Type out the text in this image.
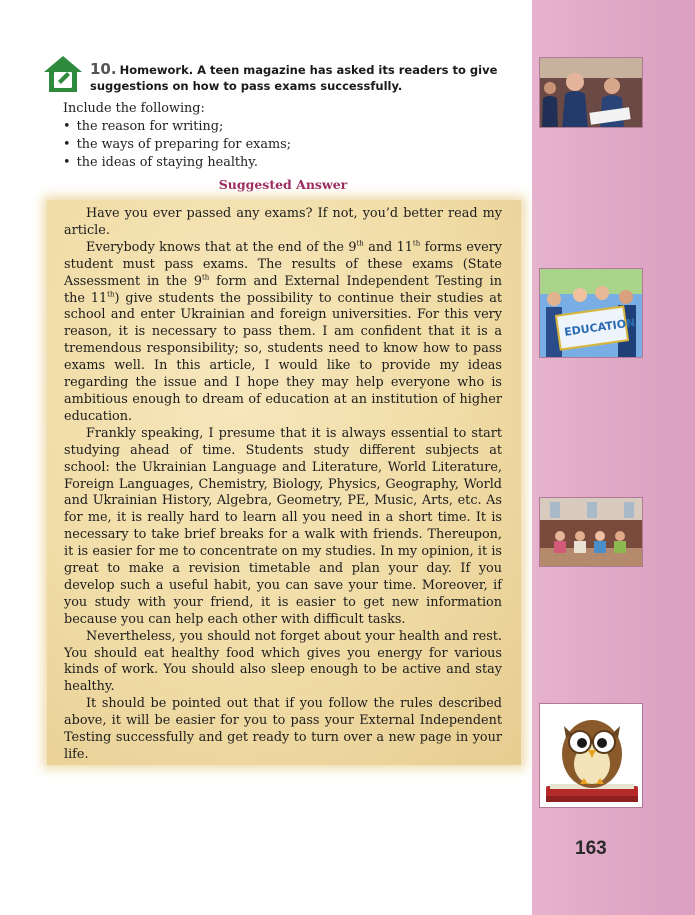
EDUCATION
163
10. Homework. A teen magazine has asked its readers to give suggestions on how to pass exams successfully.
Include the following:
• the reason for writing;
• the ways of preparing for exams;
• the ideas of staying healthy.
Suggested Answer

Have you ever passed any exams? If not, you’d better read my article.

Everybody knows that at the end of the 9th and 11th forms every student must pass exams. The results of these exams (State Assessment in the 9th form and External Independent Testing in the 11th) give students the possibility to continue their studies at school and enter Ukrainian and foreign universities. For this very reason, it is necessary to pass them. I am confident that it is a tremendous responsibility; so, students need to know how to pass exams well. In this article, I would like to provide my ideas regarding the issue and I hope they may help everyone who is ambitious enough to dream of education at an institution of higher education.

Frankly speaking, I presume that it is always essential to start studying ahead of time. Students study different subjects at school: the Ukrainian Language and Literature, World Literature, Foreign Languages, Chemistry, Biology, Physics, Geography, World and Ukrainian History, Algebra, Geometry, PE, Music, Arts, etc. As for me, it is really hard to learn all you need in a short time. It is necessary to take brief breaks for a walk with friends. Thereupon, it is easier for me to concentrate on my studies. In my opinion, it is great to make a revision timetable and plan your day. If you develop such a useful habit, you can save your time. Moreover, if you study with your friend, it is easier to get new information because you can help each other with difficult tasks.

Nevertheless, you should not forget about your health and rest. You should eat healthy food which gives you energy for various kinds of work. You should also sleep enough to be active and stay healthy.

It should be pointed out that if you follow the rules described above, it will be easier for you to pass your External Independent Testing successfully and get ready to turn over a new page in your life.
